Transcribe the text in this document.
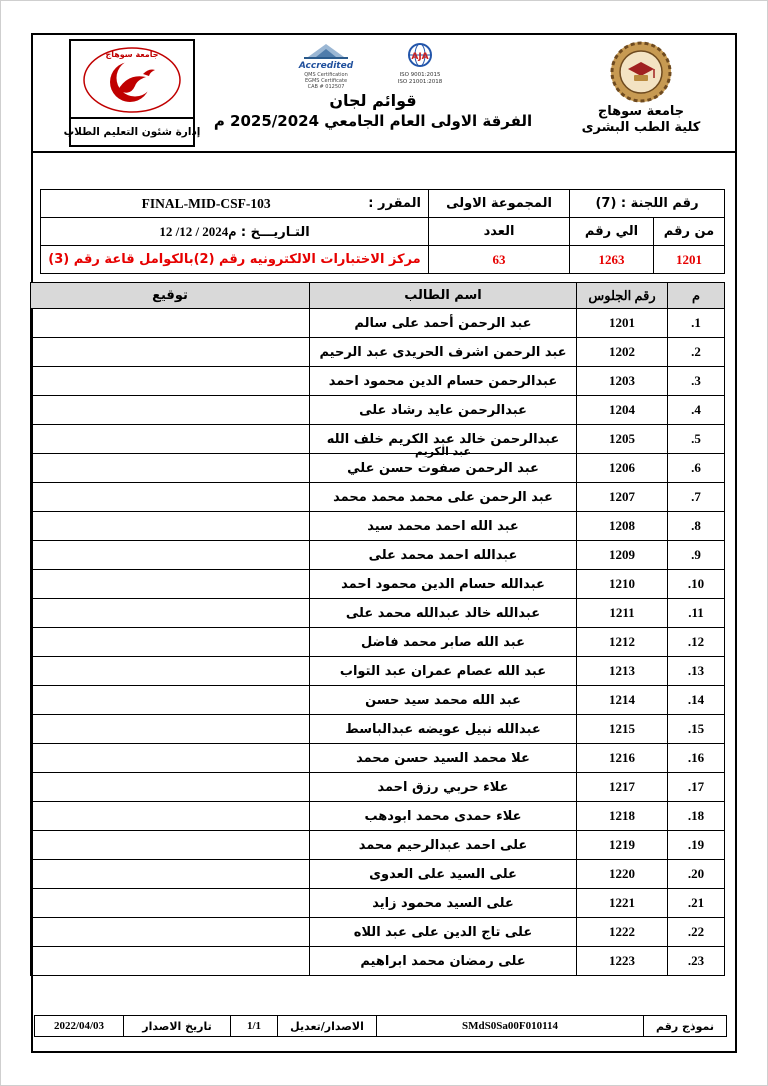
جامعة سوهاج
إدارة شئون التعليم الطلاب
Accredited
QMS Certification
EGMS Certificate
CAB # 012507
AJA
ISO 9001:2015
ISO 21001:2018
قوائم لجان
الفرقة الاولى العام الجامعي 2025/2024 م
جامعة سوهاج
كلية الطب البشرى
رقم اللجنة : (7)		المجموعة الاولى	المقرر :
FINAL-MID-CSF-103

من رقم	الي رقم	العدد	التـاريـــخ : 12 /12 / 2024م
1201	1263	63	مركز الاختبارات الالكترونيه رقم (2)بالكوامل قاعة رقم (3)
م	رقم الجلوس	اسم الطالب	توقيع
.1	1201	عبد الرحمن أحمد على سالم	
.2	1202	عبد الرحمن اشرف الحريدى عبد الرحيم	
.3	1203	عبدالرحمن حسام الدين محمود احمد	
.4	1204	عبدالرحمن عايد رشاد على	
.5	1205	عبدالرحمن خالد عبد الكريم خلف الله	
.6	1206	عبد الرحمن صفوت حسن علي
عبد الكريم	

.7	1207	عبد الرحمن على محمد محمد محمد	
.8	1208	عبد الله احمد محمد سيد	
.9	1209	عبدالله احمد محمد على	
.10	1210	عبدالله حسام الدين محمود احمد	
.11	1211	عبدالله خالد عبدالله محمد على	
.12	1212	عبد الله صابر محمد فاضل	
.13	1213	عبد الله عصام عمران عبد التواب	
.14	1214	عبد الله محمد سيد حسن	
.15	1215	عبدالله نبيل عويضه عبدالباسط	
.16	1216	علا محمد السيد حسن محمد	
.17	1217	علاء حربي رزق احمد	
.18	1218	علاء حمدى محمد ابودهب	
.19	1219	على احمد عبدالرحيم محمد	
.20	1220	على السيد على العدوى	
.21	1221	على السيد محمود زايد	
.22	1222	على تاج الدين على عبد اللاه	
.23	1223	على رمضان محمد ابراهيم	
نموذج رقم	SMdS0Sa00F010114	الاصدار/تعديل	1/1	تاريخ الاصدار	2022/04/03
